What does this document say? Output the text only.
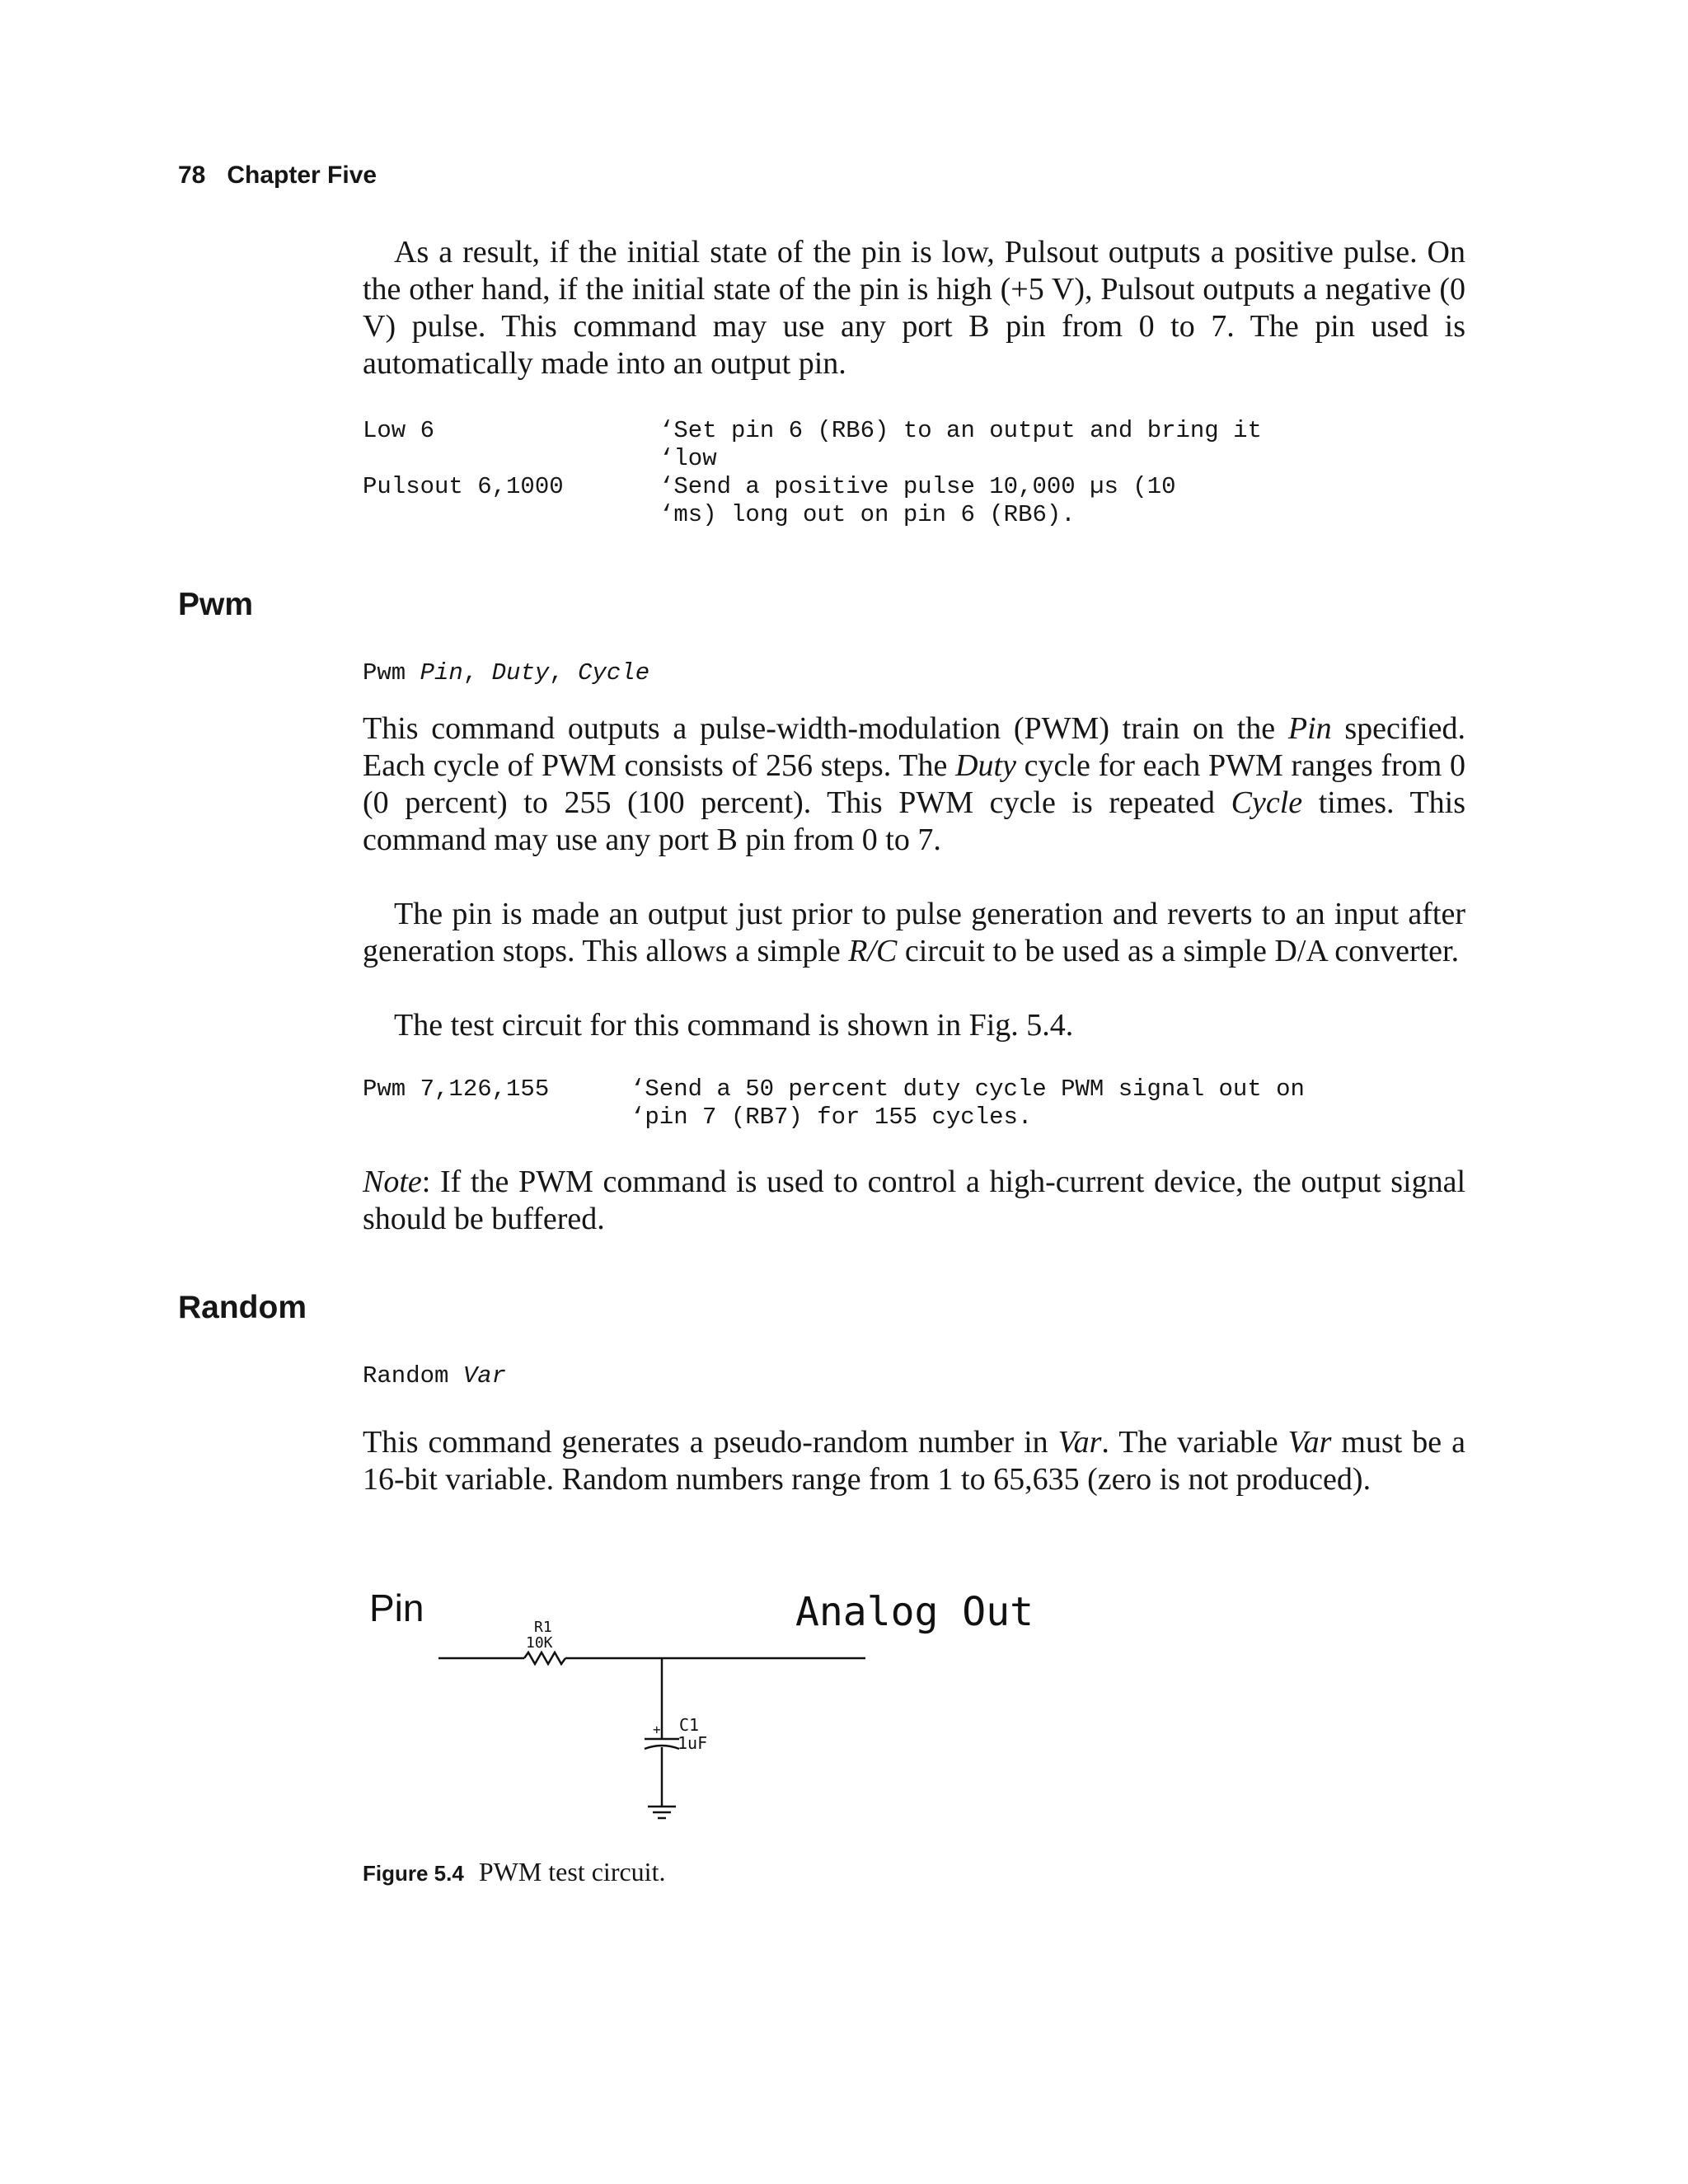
78 Chapter Five

As a result, if the initial state of the pin is low, Pulsout outputs a positive pulse. On the other hand, if the initial state of the pin is high (+5 V), Pulsout outputs a negative (0 V) pulse. This command may use any port B pin from 0 to 7. The pin used is automatically made into an output pin.

Low 6	‘Set pin 6 (RB6) to an output and bring it
‘low
Pulsout 6,1000	‘Send a positive pulse 10,000 µs (10
‘ms) long out on pin 6 (RB6).
Pwm
Pwm Pin, Duty, Cycle

This command outputs a pulse-width-modulation (PWM) train on the Pin specified. Each cycle of PWM consists of 256 steps. The Duty cycle for each PWM ranges from 0 (0 percent) to 255 (100 percent). This PWM cycle is repeated Cycle times. This command may use any port B pin from 0 to 7.

The pin is made an output just prior to pulse generation and reverts to an input after generation stops. This allows a simple R/C circuit to be used as a simple D/A converter.

The test circuit for this command is shown in Fig. 5.4.

Pwm 7,126,155	‘Send a 50 percent duty cycle PWM signal out on
‘pin 7 (RB7) for 155 cycles.

Note: If the PWM command is used to control a high-current device, the output signal should be buffered.

Random
Random Var

This command generates a pseudo-random number in Var. The variable Var must be a 16-bit variable. Random numbers range from 1 to 65,635 (zero is not produced).

Pin	Analog Out
R1
10K
+ C1
1uF
Figure 5.4 PWM test circuit.
